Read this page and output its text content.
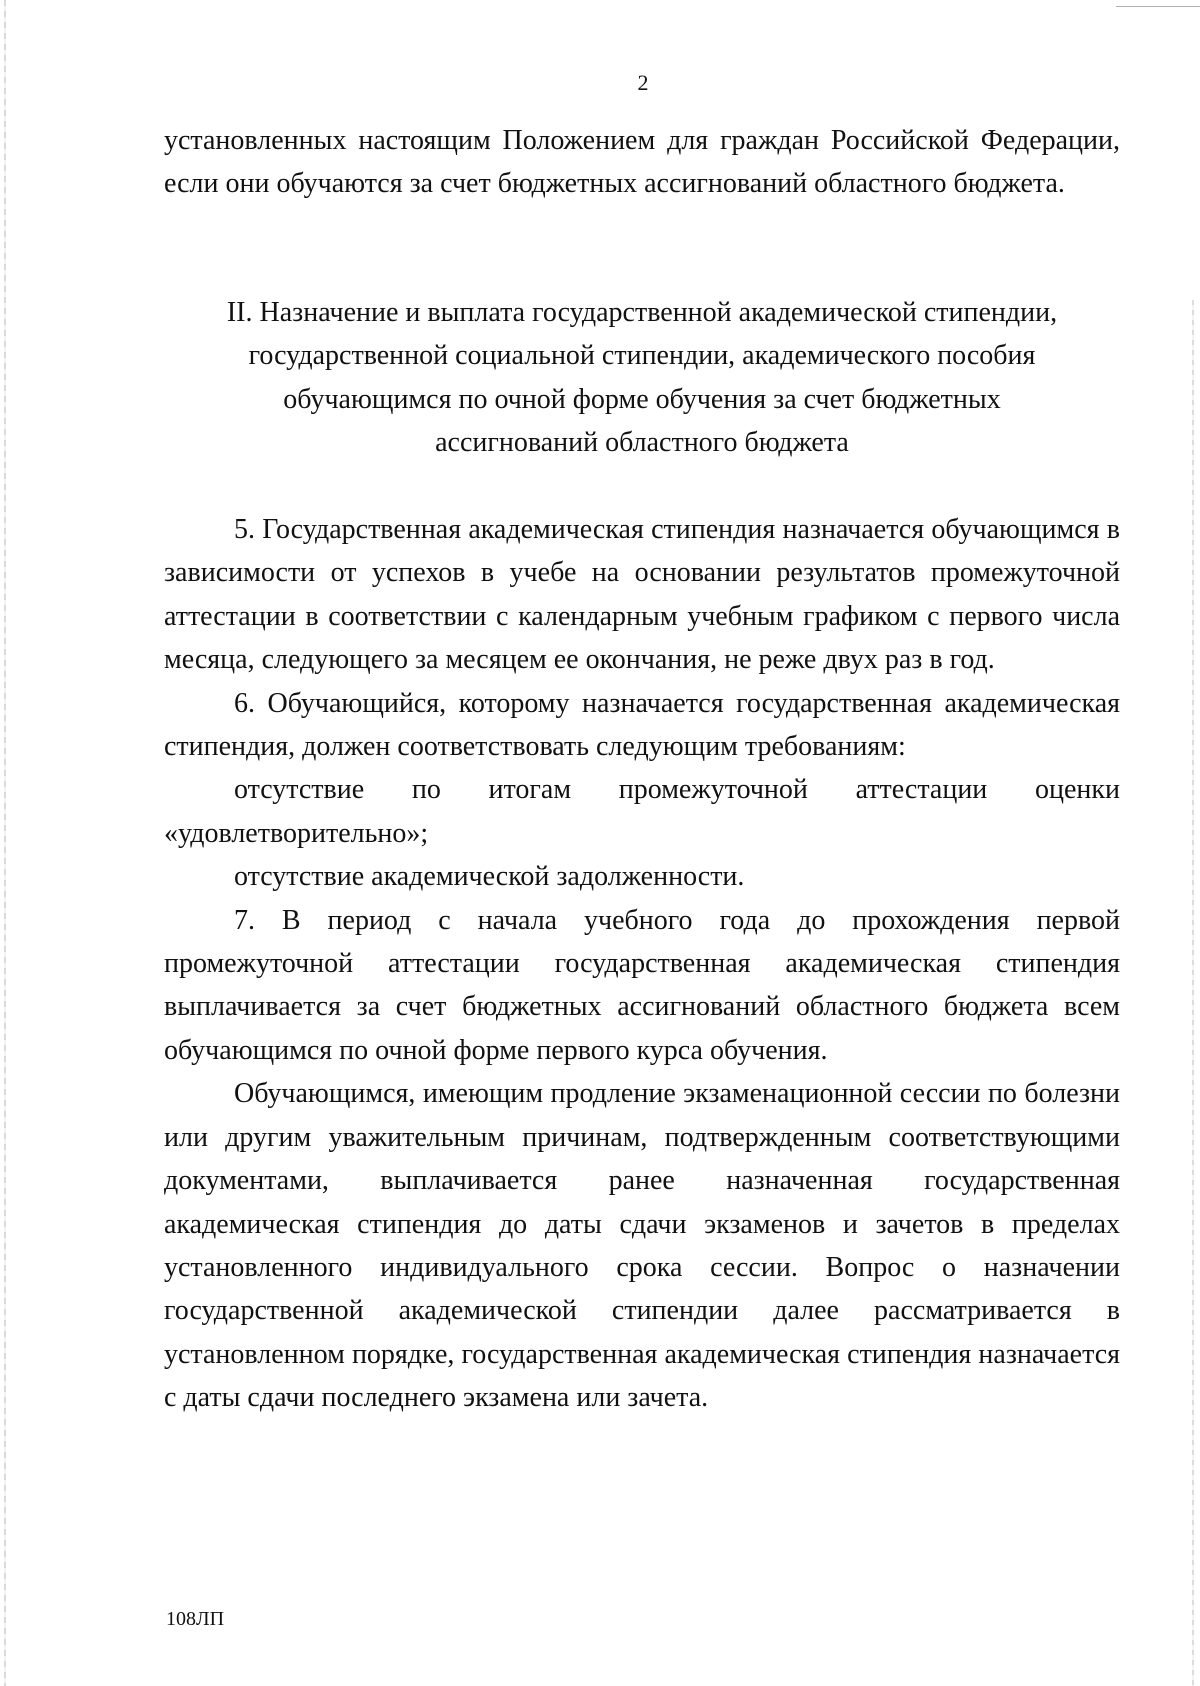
2

установленных настоящим Положением для граждан Российской Федерации, если они обучаются за счет бюджетных ассигнований областного бюджета.

II. Назначение и выплата государственной академической стипендии,
государственной социальной стипендии, академического пособия
обучающимся по очной форме обучения за счет бюджетных
ассигнований областного бюджета

5. Государственная академическая стипендия назначается обучающимся в зависимости от успехов в учебе на основании результатов промежуточной аттестации в соответствии с календарным учебным графиком с первого числа месяца, следующего за месяцем ее окончания, не реже двух раз в год.

6. Обучающийся, которому назначается государственная академическая стипендия, должен соответствовать следующим требованиям:

отсутствие по итогам промежуточной аттестации оценки «удовлетворительно»;

отсутствие академической задолженности.

7. В период с начала учебного года до прохождения первой промежуточной аттестации государственная академическая стипендия выплачивается за счет бюджетных ассигнований областного бюджета всем обучающимся по очной форме первого курса обучения.

Обучающимся, имеющим продление экзаменационной сессии по болезни или другим уважительным причинам, подтвержденным соответствующими документами, выплачивается ранее назначенная государственная академическая стипендия до даты сдачи экзаменов и зачетов в пределах установленного индивидуального срока сессии. Вопрос о назначении государственной академической стипендии далее рассматривается в установленном порядке, государственная академическая стипендия назначается с даты сдачи последнего экзамена или зачета.

108ЛП
